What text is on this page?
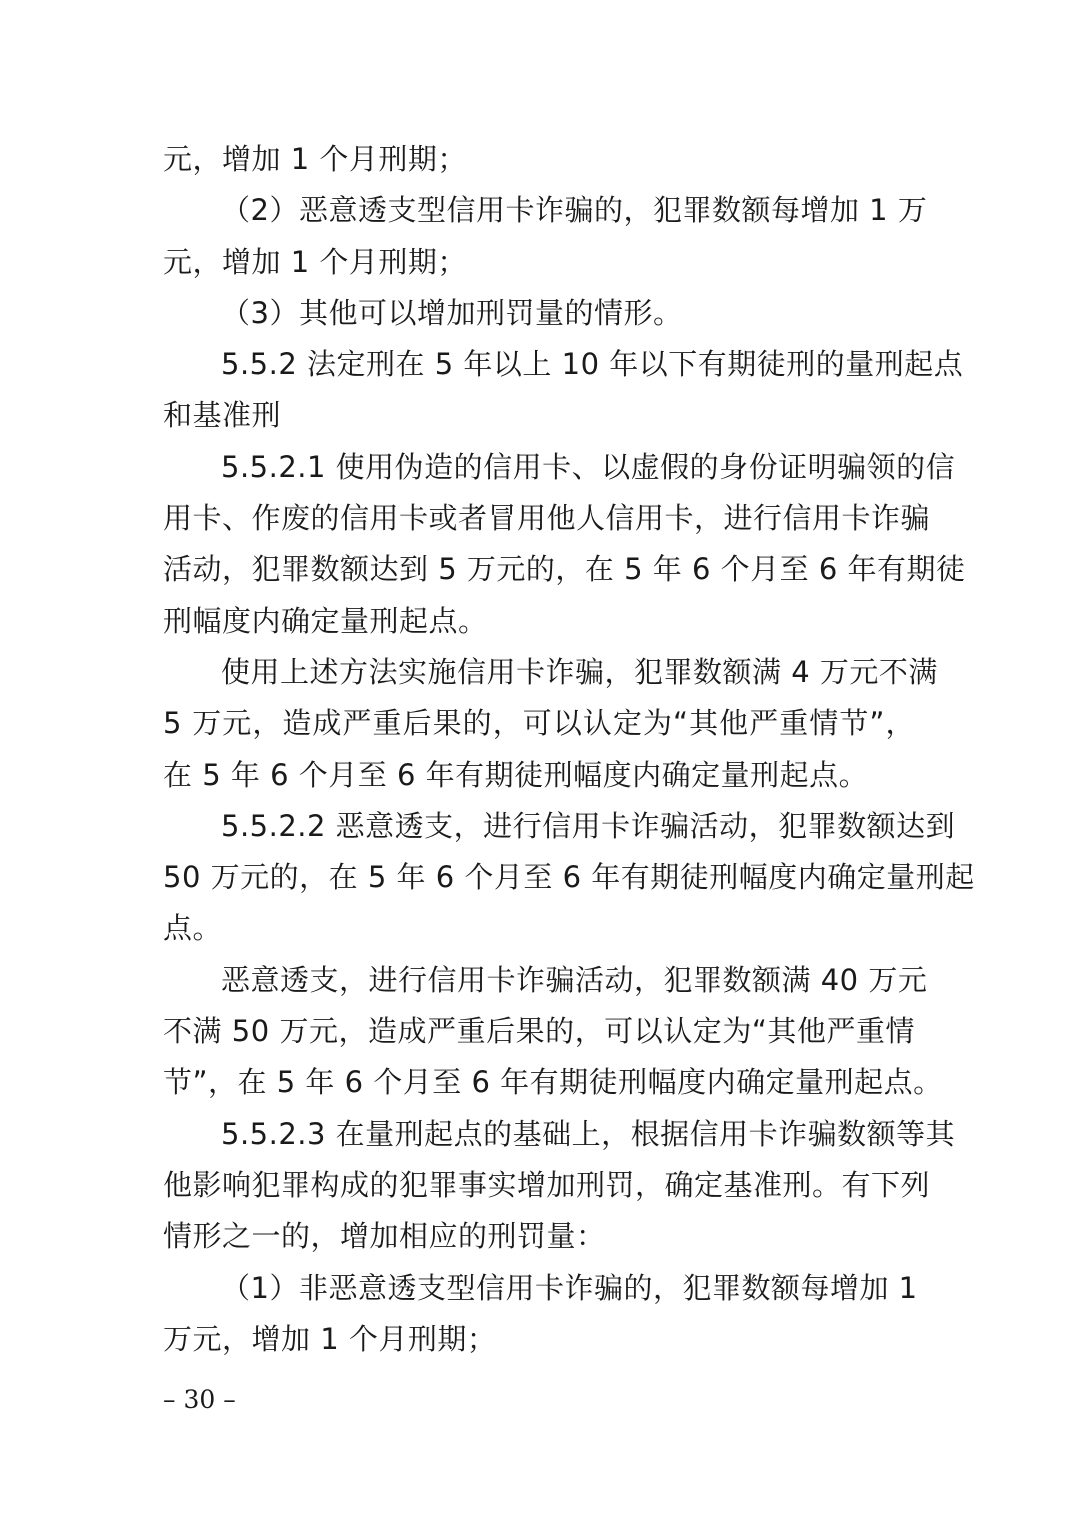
元，增加 1 个月刑期；
（2）恶意透支型信用卡诈骗的，犯罪数额每增加 1 万
元，增加 1 个月刑期；
（3）其他可以增加刑罚量的情形。
5.5.2 法定刑在 5 年以上 10 年以下有期徒刑的量刑起点
和基准刑
5.5.2.1 使用伪造的信用卡、以虚假的身份证明骗领的信
用卡、作废的信用卡或者冒用他人信用卡，进行信用卡诈骗
活动，犯罪数额达到 5 万元的，在 5 年 6 个月至 6 年有期徒
刑幅度内确定量刑起点。
使用上述方法实施信用卡诈骗，犯罪数额满 4 万元不满
5 万元，造成严重后果的，可以认定为“其他严重情节”，
在 5 年 6 个月至 6 年有期徒刑幅度内确定量刑起点。
5.5.2.2 恶意透支，进行信用卡诈骗活动，犯罪数额达到
50 万元的，在 5 年 6 个月至 6 年有期徒刑幅度内确定量刑起
点。
恶意透支，进行信用卡诈骗活动，犯罪数额满 40 万元
不满 50 万元，造成严重后果的，可以认定为“其他严重情
节”，在 5 年 6 个月至 6 年有期徒刑幅度内确定量刑起点。
5.5.2.3 在量刑起点的基础上，根据信用卡诈骗数额等其
他影响犯罪构成的犯罪事实增加刑罚，确定基准刑。有下列
情形之一的，增加相应的刑罚量：
（1）非恶意透支型信用卡诈骗的，犯罪数额每增加 1
万元，增加 1 个月刑期；
– 30 –
